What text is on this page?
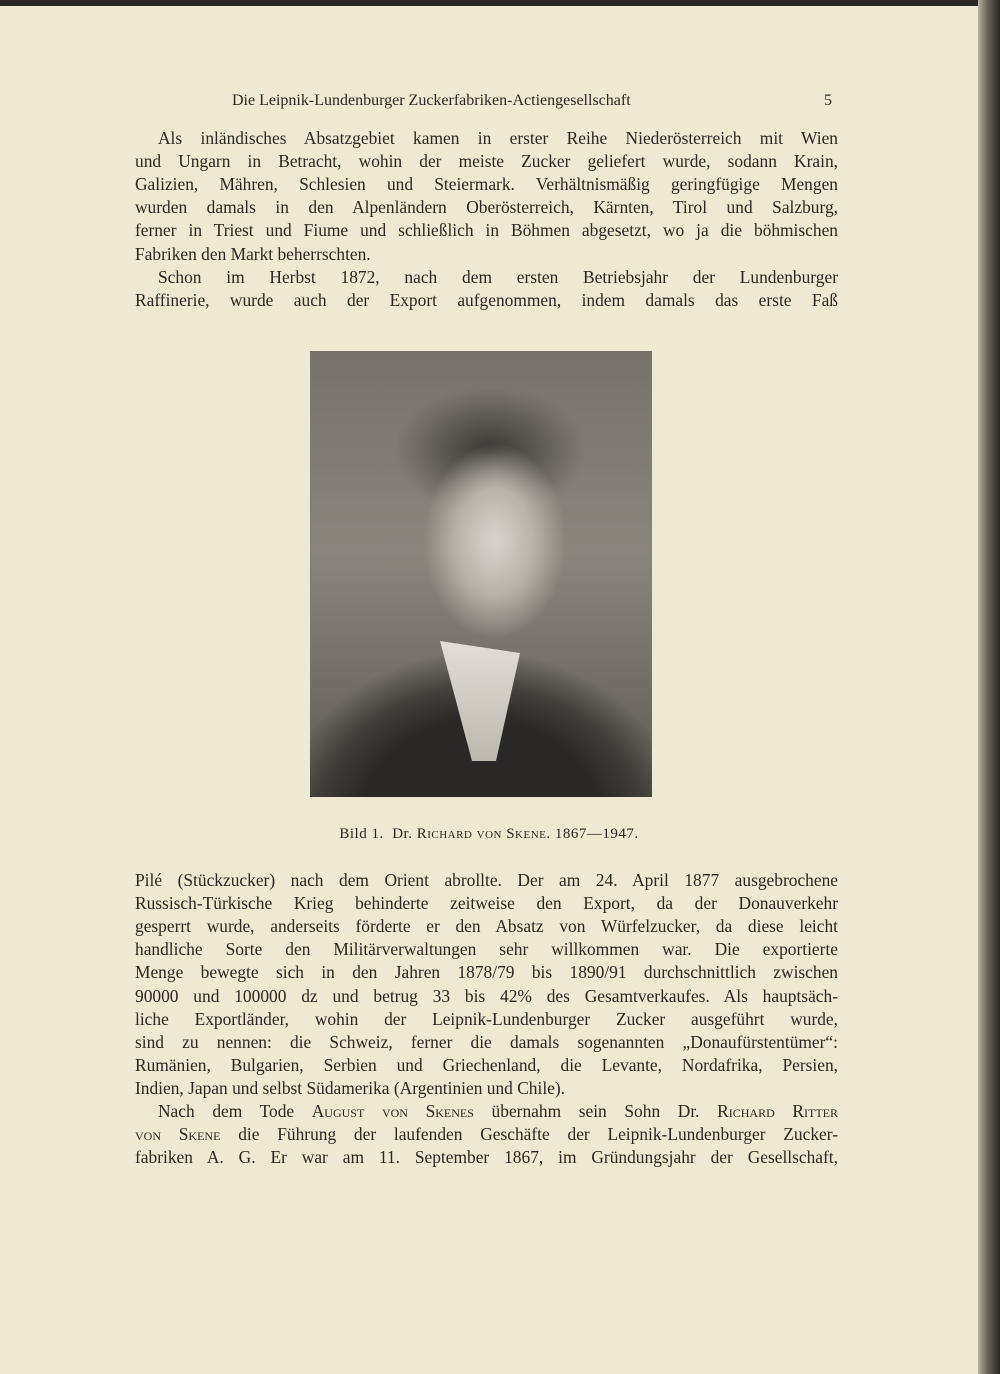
Die Leipnik-Lundenburger Zuckerfabriken-Actiengesellschaft	5
Als inländisches Absatzgebiet kamen in erster Reihe Niederösterreich mit Wien
und Ungarn in Betracht, wohin der meiste Zucker geliefert wurde, sodann Krain,
Galizien, Mähren, Schlesien und Steiermark. Verhältnismäßig geringfügige Mengen
wurden damals in den Alpenländern Oberösterreich, Kärnten, Tirol und Salzburg,
ferner in Triest und Fiume und schließlich in Böhmen abgesetzt, wo ja die böhmischen
Fabriken den Markt beherrschten.
Schon im Herbst 1872, nach dem ersten Betriebsjahr der Lundenburger
Raffinerie, wurde auch der Export aufgenommen, indem damals das erste Faß
Bild 1. Dr. Richard von Skene. 1867—1947.
Pilé (Stückzucker) nach dem Orient abrollte. Der am 24. April 1877 ausgebrochene
Russisch-Türkische Krieg behinderte zeitweise den Export, da der Donauverkehr
gesperrt wurde, anderseits förderte er den Absatz von Würfelzucker, da diese leicht
handliche Sorte den Militärverwaltungen sehr willkommen war. Die exportierte
Menge bewegte sich in den Jahren 1878/79 bis 1890/91 durchschnittlich zwischen
90000 und 100000 dz und betrug 33 bis 42% des Gesamtverkaufes. Als hauptsäch-
liche Exportländer, wohin der Leipnik-Lundenburger Zucker ausgeführt wurde,
sind zu nennen: die Schweiz, ferner die damals sogenannten „Donaufürstentümer“:
Rumänien, Bulgarien, Serbien und Griechenland, die Levante, Nordafrika, Persien,
Indien, Japan und selbst Südamerika (Argentinien und Chile).
Nach dem Tode August von Skenes übernahm sein Sohn Dr. Richard Ritter
von Skene die Führung der laufenden Geschäfte der Leipnik-Lundenburger Zucker-
fabriken A. G. Er war am 11. September 1867, im Gründungsjahr der Gesellschaft,
